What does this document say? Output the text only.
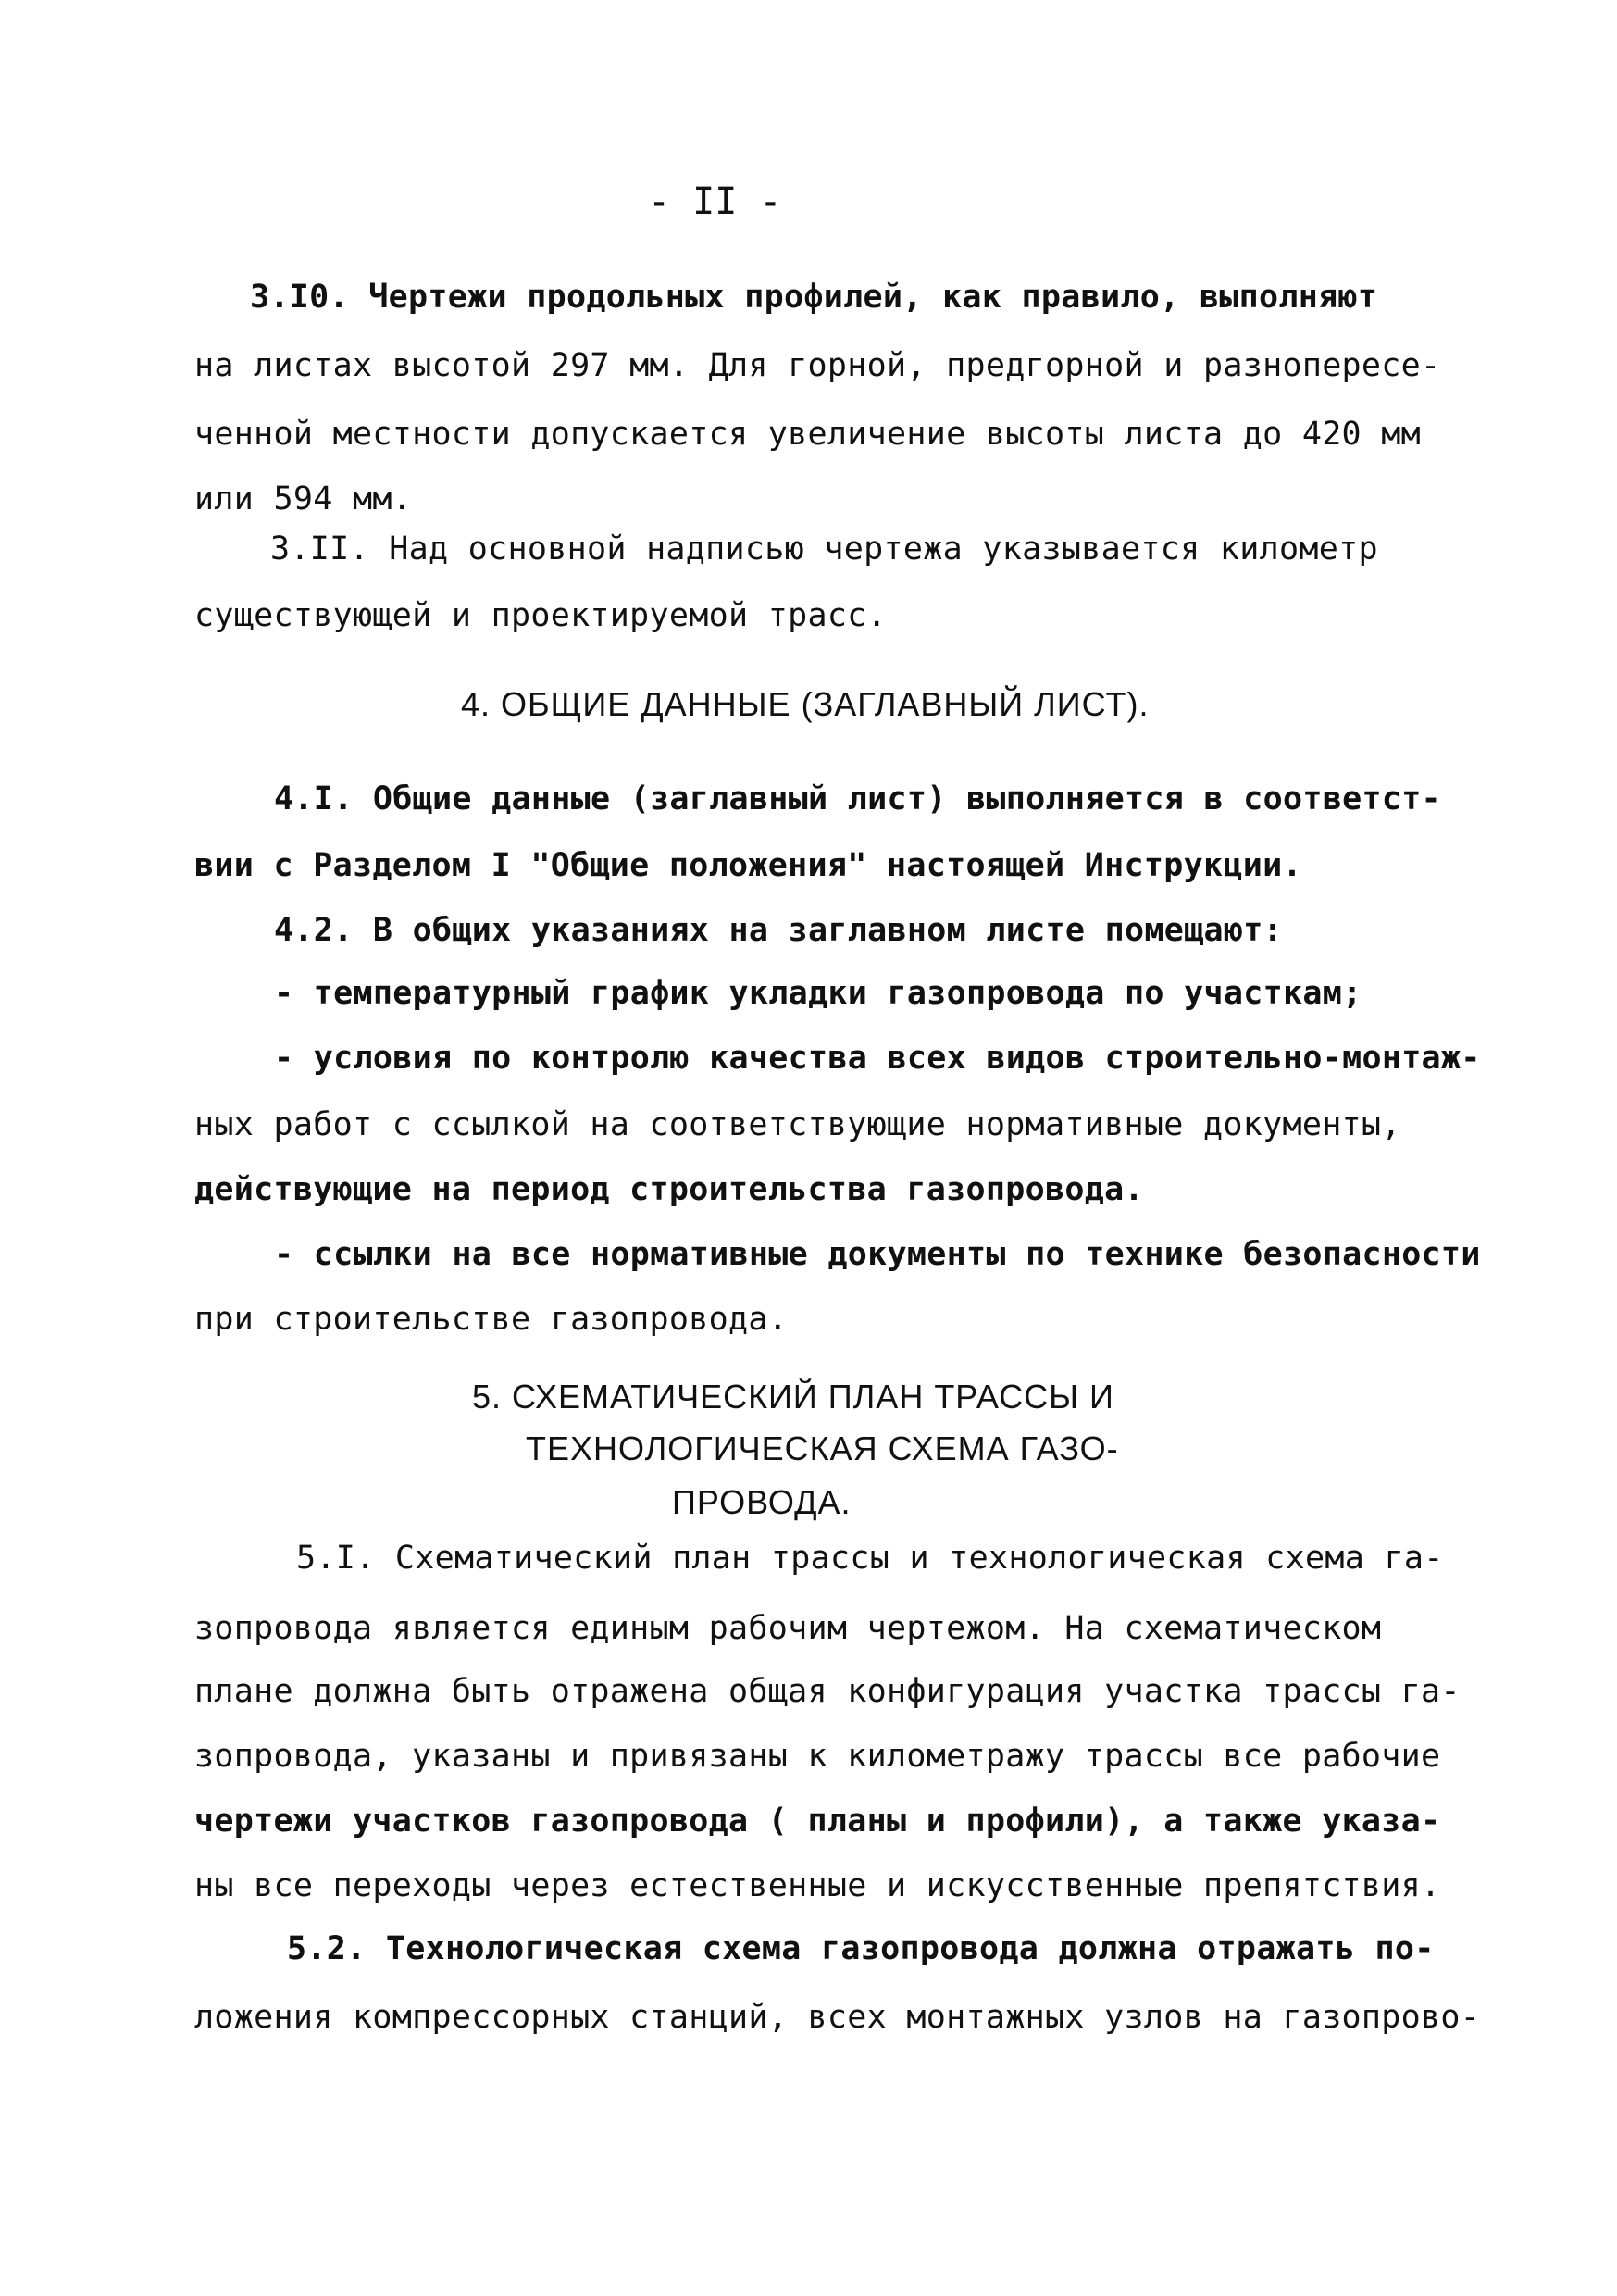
- II -
3.I0. Чертежи продольных профилей, как правило, выполняют
на листах высотой 297 мм. Для горной, предгорной и разнопересе-
ченной местности допускается увеличение высоты листа до 420 мм
или 594 мм.
3.II. Над основной надписью чертежа указывается километр
существующей и проектируемой трасс.
4. ОБЩИЕ ДАННЫЕ (ЗАГЛАВНЫЙ ЛИСТ).
4.I. Общие данные (заглавный лист) выполняется в соответст-
вии с Разделом I "Общие положения" настоящей Инструкции.
4.2. В общих указаниях на заглавном листе помещают:
- температурный график укладки газопровода по участкам;
- условия по контролю качества всех видов строительно-монтаж-
ных работ с ссылкой на соответствующие нормативные документы,
действующие на период строительства газопровода.
- ссылки на все нормативные документы по технике безопасности
при строительстве газопровода.
5. СХЕМАТИЧЕСКИЙ ПЛАН ТРАССЫ И
ТЕХНОЛОГИЧЕСКАЯ СХЕМА ГАЗО-
ПРОВОДА.
5.I. Схематический план трассы и технологическая схема га-
зопровода является единым рабочим чертежом. На схематическом
плане должна быть отражена общая конфигурация участка трассы га-
зопровода, указаны и привязаны к километражу трассы все рабочие
чертежи участков газопровода ( планы и профили), а также указа-
ны все переходы через естественные и искусственные препятствия.
5.2. Технологическая схема газопровода должна отражать по-
ложения компрессорных станций, всех монтажных узлов на газопрово-
